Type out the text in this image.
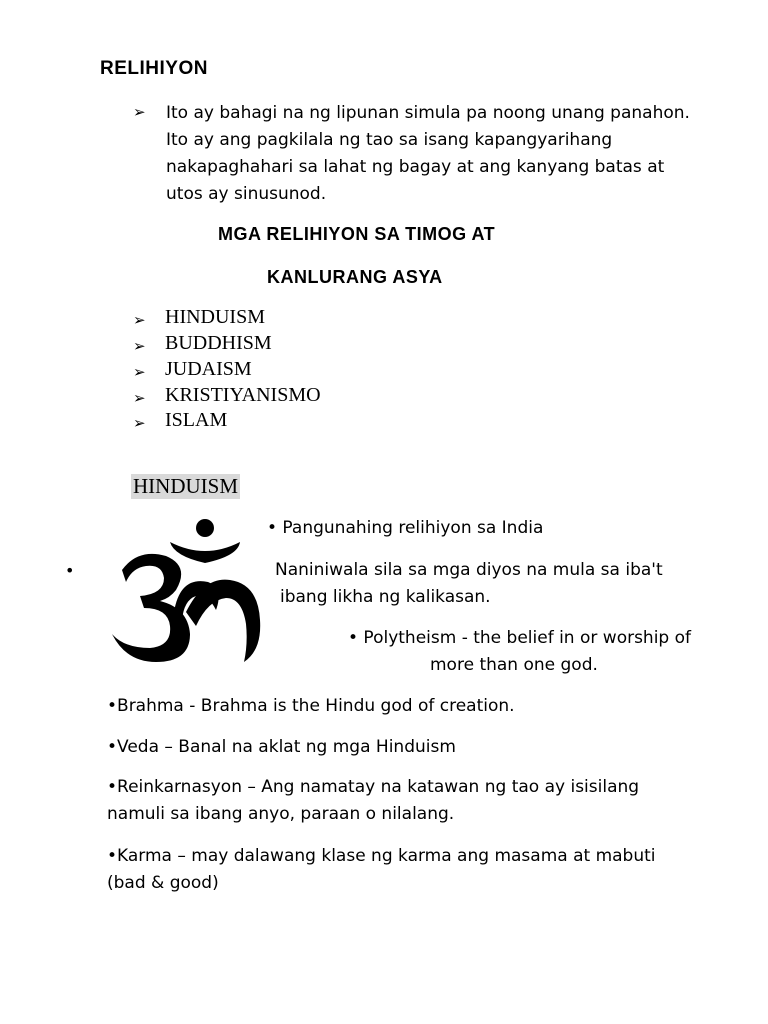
RELIHIYON
➢ Ito ay bahagi na ng lipunan simula pa noong unang panahon.
Ito ay ang pagkilala ng tao sa isang kapangyarihang
nakapaghahari sa lahat ng bagay at ang kanyang batas at
utos ay sinusunod.
MGA RELIHIYON SA TIMOG AT
KANLURANG ASYA
➢ HINDUISM
➢ BUDDHISM
➢ JUDAISM
➢ KRISTIYANISMO
➢ ISLAM
HINDUISM
•
• Pangunahing relihiyon sa India
Naniniwala sila sa mga diyos na mula sa iba't
ibang likha ng kalikasan.
• Polytheism - the belief in or worship of
more than one god.
•Brahma - Brahma is the Hindu god of creation.
•Veda – Banal na aklat ng mga Hinduism
•Reinkarnasyon – Ang namatay na katawan ng tao ay isisilang
namuli sa ibang anyo, paraan o nilalang.
•Karma – may dalawang klase ng karma ang masama at mabuti
(bad & good)
